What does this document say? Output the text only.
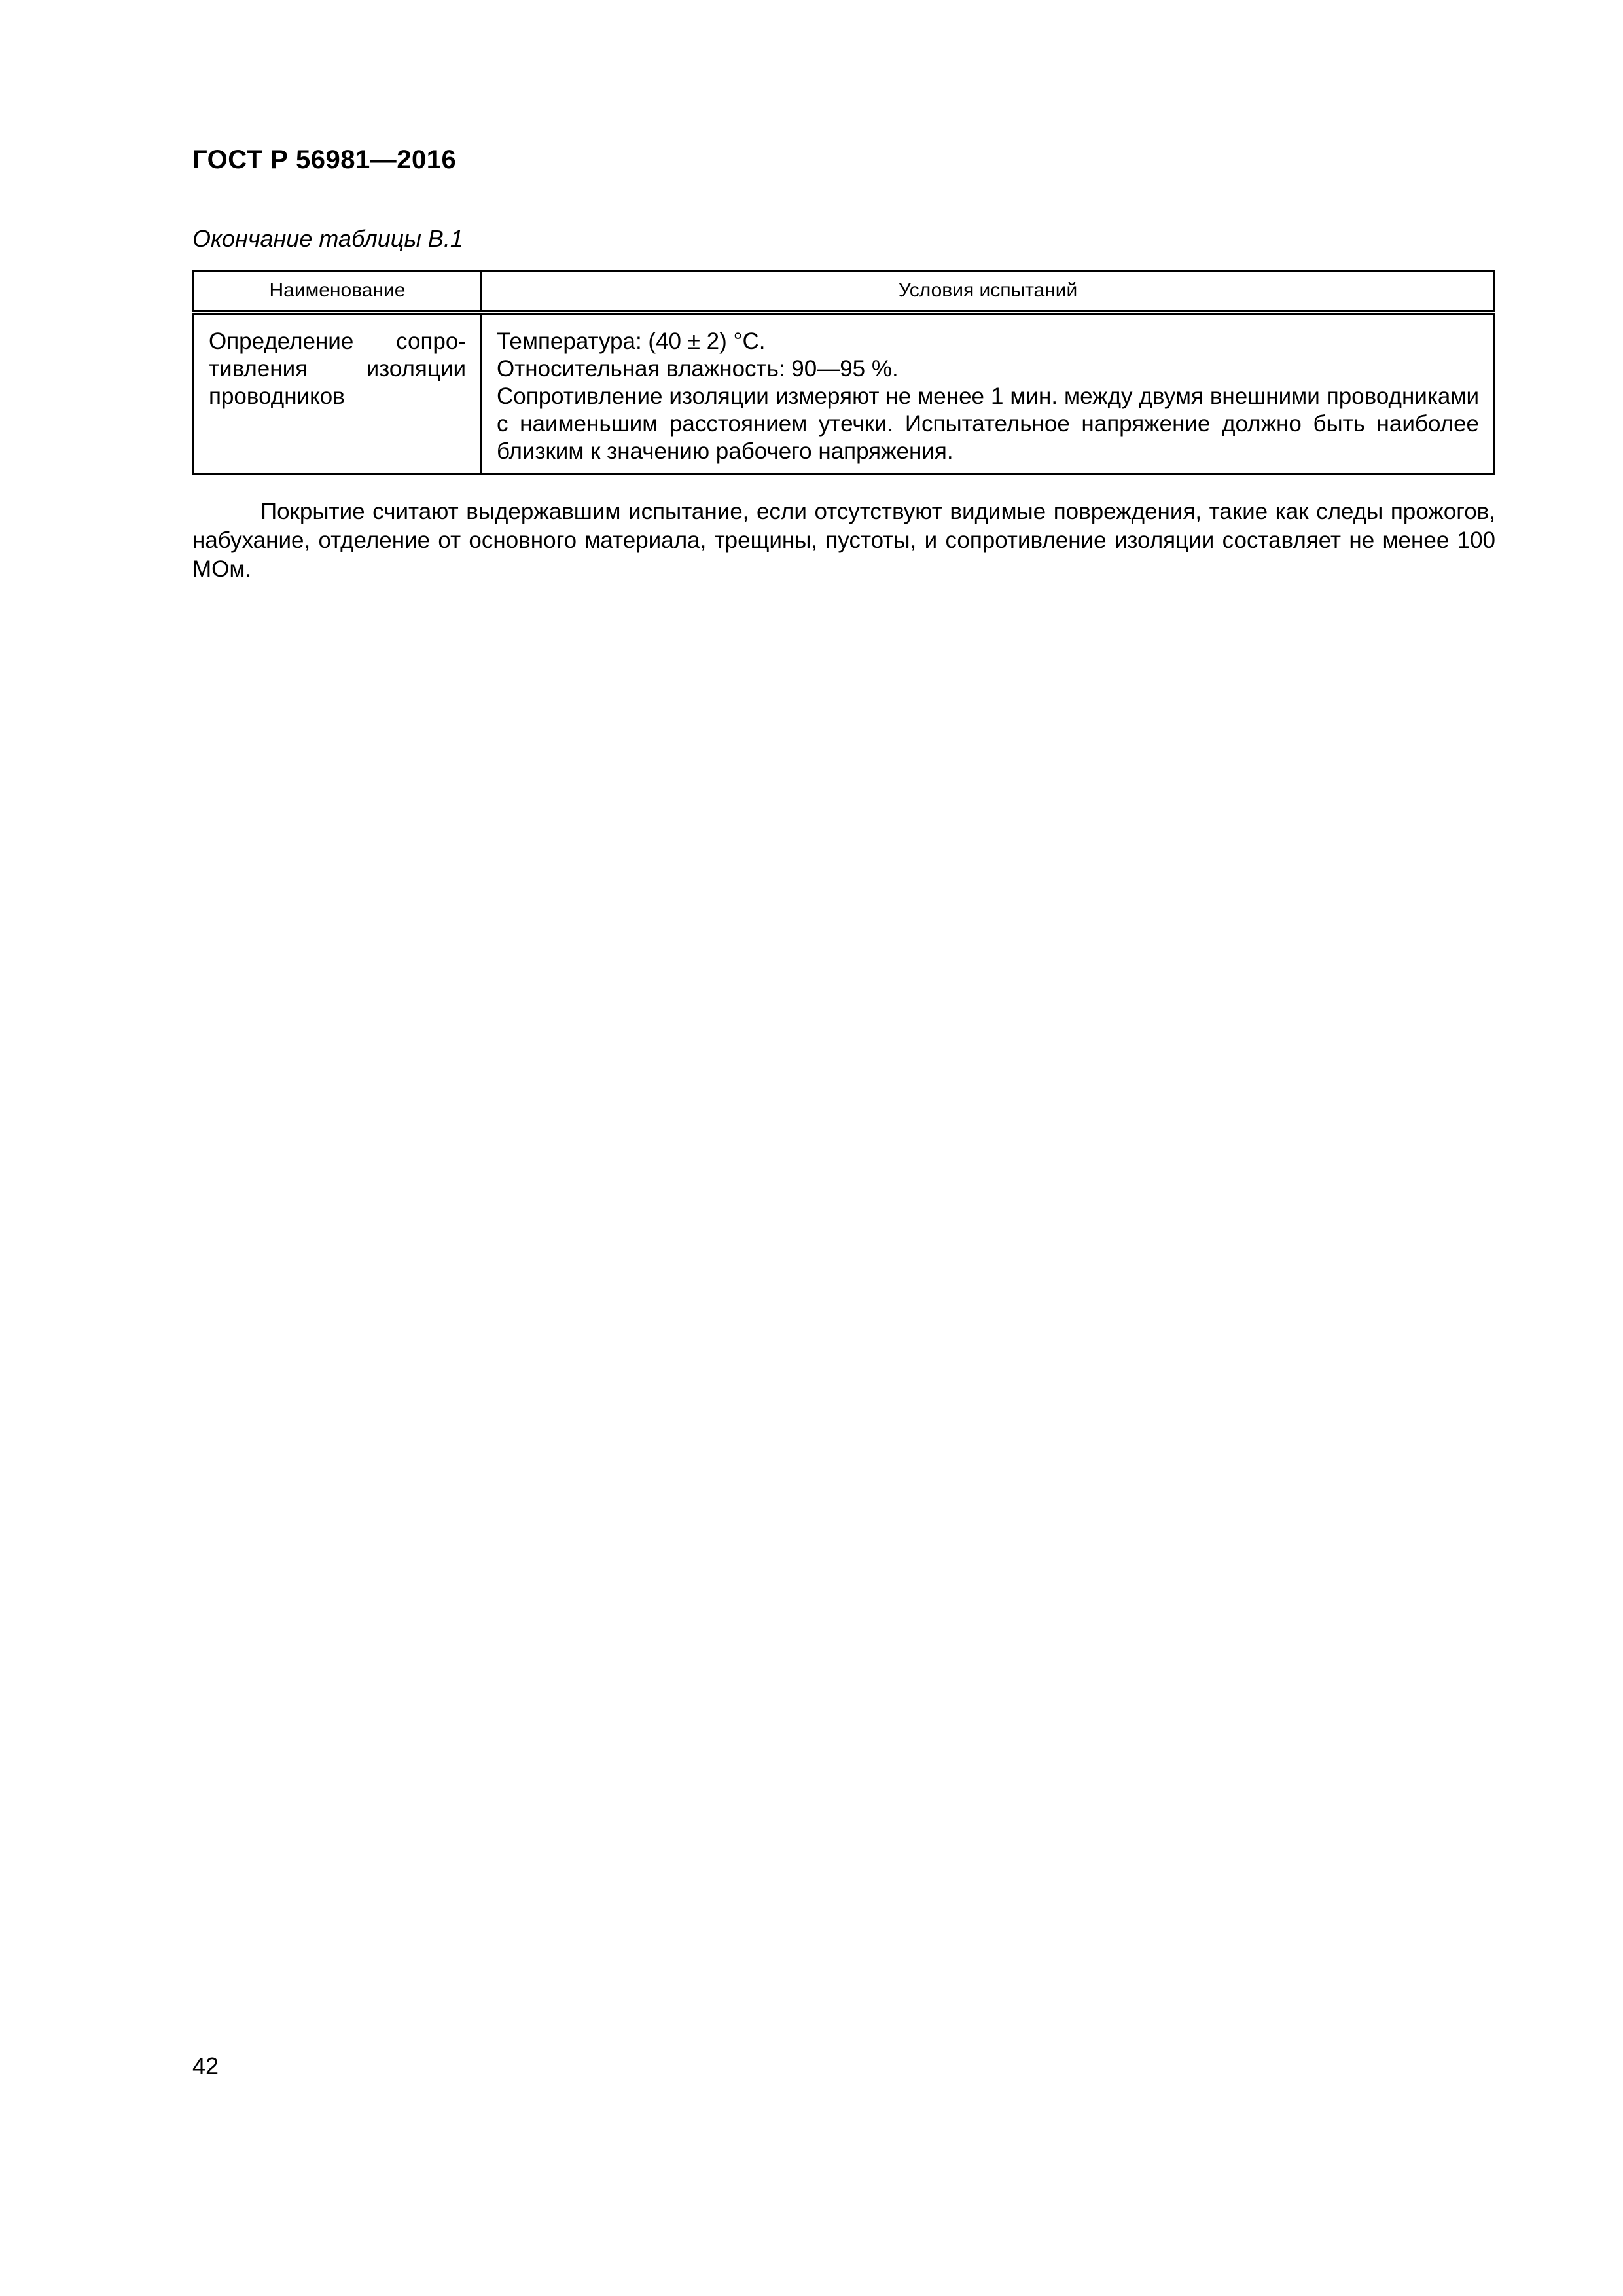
ГОСТ Р 56981—2016
Окончание таблицы В.1
Наименование	Условия испытаний
Определение сопротивления изоляции проводников	Температура: (40 ± 2) °С.
Относительная влажность: 90—95 %.
Сопротивление изоляции измеряют не менее 1 мин. между двумя внешними проводниками с наименьшим расстоянием утечки. Испытательное напряжение должно быть наиболее близким к значению рабочего напряжения.

Покрытие считают выдержавшим испытание, если отсутствуют видимые повреждения, такие как следы прожогов, набухание, отделение от основного материала, трещины, пустоты, и сопротивление изоляции составляет не менее 100 МОм.

42
